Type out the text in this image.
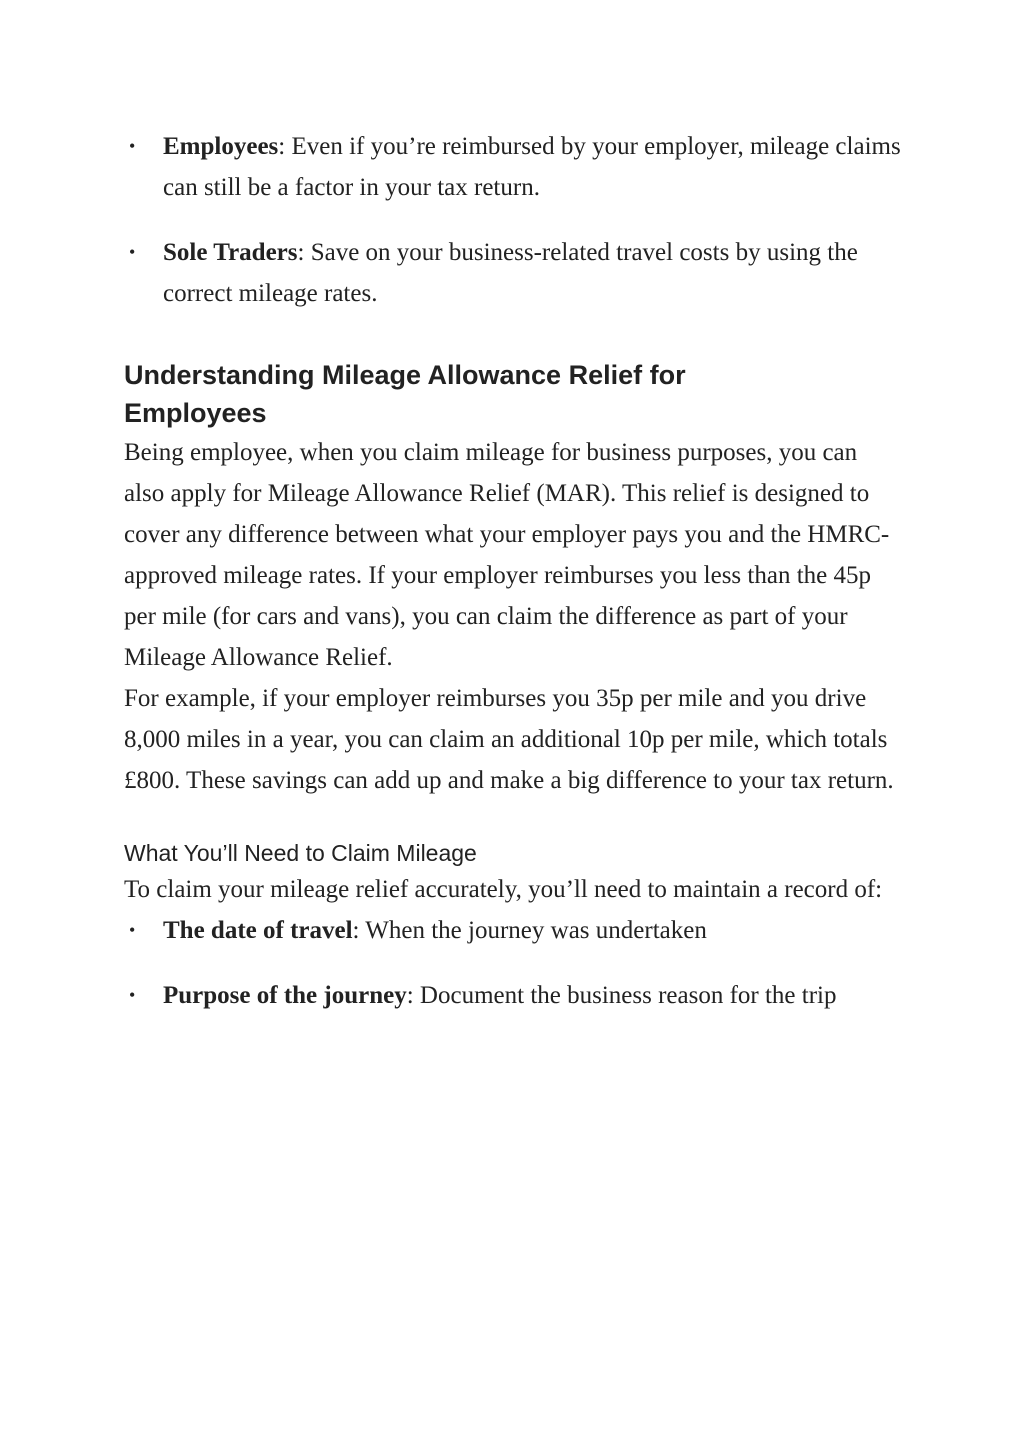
• Employees: Even if you’re reimbursed by your employer, mileage claims can still be a factor in your tax return.
• Sole Traders: Save on your business-related travel costs by using the correct mileage rates.
Understanding Mileage Allowance Relief for Employees

Being employee, when you claim mileage for business purposes, you can also apply for Mileage Allowance Relief (MAR). This relief is designed to cover any difference between what your employer pays you and the HMRC-approved mileage rates. If your employer reimburses you less than the 45p per mile (for cars and vans), you can claim the difference as part of your Mileage Allowance Relief.

For example, if your employer reimburses you 35p per mile and you drive 8,000 miles in a year, you can claim an additional 10p per mile, which totals £800. These savings can add up and make a big difference to your tax return.

What You’ll Need to Claim Mileage

To claim your mileage relief accurately, you’ll need to maintain a record of:

• The date of travel: When the journey was undertaken
• Purpose of the journey: Document the business reason for the trip
